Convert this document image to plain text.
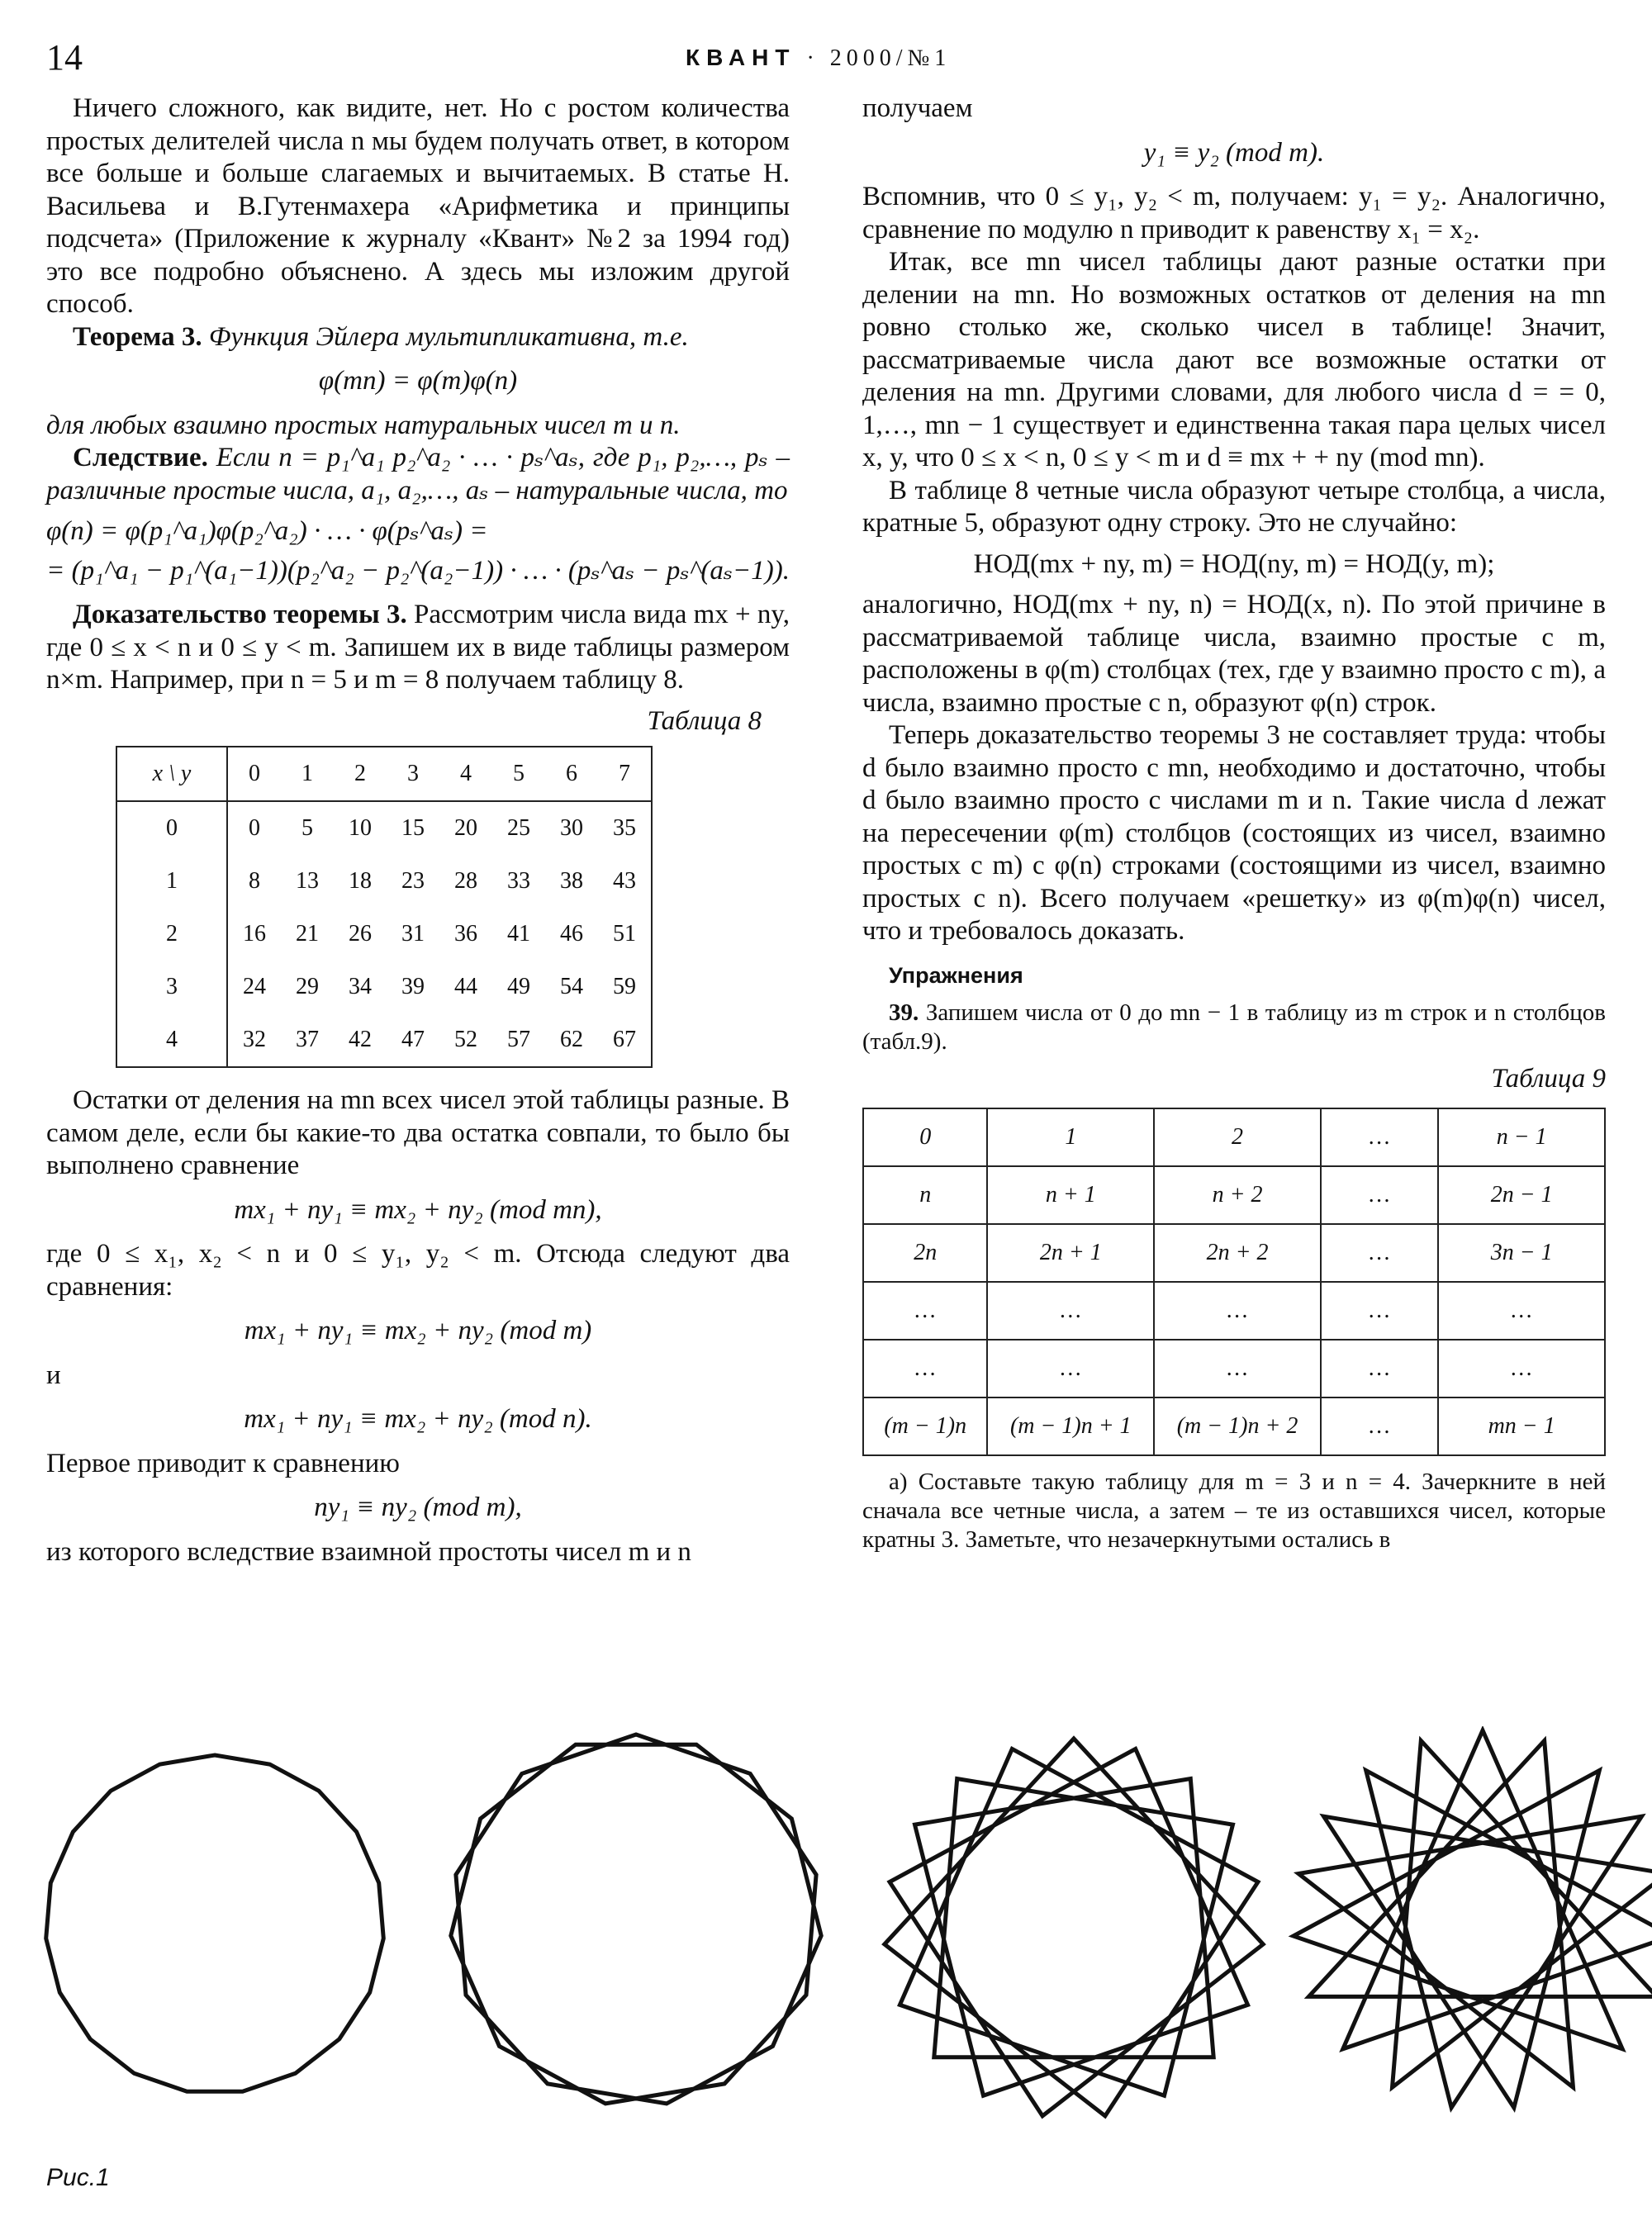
14	КВАНТ · 2000/№1

Ничего сложного, как видите, нет. Но с ростом количества простых делителей числа n мы будем получать ответ, в котором все больше и больше слагаемых и вычитаемых. В статье Н. Васильева и В.Гутенмахера «Арифметика и принципы подсчета» (Приложение к журналу «Квант» №2 за 1994 год) это все подробно объяснено. А здесь мы изложим другой способ.

Теорема 3. Функция Эйлера мультипликативна, т.е.

φ(mn) = φ(m)φ(n)

для любых взаимно простых натуральных чисел m и n.

Следствие. Если n = p₁^a₁ p₂^a₂ · … · pₛ^aₛ, где p₁, p₂,…, pₛ – различные простые числа, a₁, a₂,…, aₛ – натуральные числа, то

φ(n) = φ(p₁^a₁)φ(p₂^a₂) · … · φ(pₛ^aₛ) =

= (p₁^a₁ − p₁^(a₁−1))(p₂^a₂ − p₂^(a₂−1)) · … · (pₛ^aₛ − pₛ^(aₛ−1)).

Доказательство теоремы 3. Рассмотрим числа вида mx + ny, где 0 ≤ x < n и 0 ≤ y < m. Запишем их в виде таблицы размером n×m. Например, при n = 5 и m = 8 получаем таблицу 8.

Таблица 8

x \ y	0	1	2	3	4	5	6	7
0	0	5	10	15	20	25	30	35
1	8	13	18	23	28	33	38	43
2	16	21	26	31	36	41	46	51
3	24	29	34	39	44	49	54	59
4	32	37	42	47	52	57	62	67

Остатки от деления на mn всех чисел этой таблицы разные. В самом деле, если бы какие-то два остатка совпали, то было бы выполнено сравнение

mx₁ + ny₁ ≡ mx₂ + ny₂ (mod mn),

где 0 ≤ x₁, x₂ < n и 0 ≤ y₁, y₂ < m. Отсюда следуют два сравнения:

mx₁ + ny₁ ≡ mx₂ + ny₂ (mod m)

и

mx₁ + ny₁ ≡ mx₂ + ny₂ (mod n).

Первое приводит к сравнению

ny₁ ≡ ny₂ (mod m),

из которого вследствие взаимной простоты чисел m и n

получаем

y₁ ≡ y₂ (mod m).

Вспомнив, что 0 ≤ y₁, y₂ < m, получаем: y₁ = y₂. Аналогично, сравнение по модулю n приводит к равенству x₁ = x₂.

Итак, все mn чисел таблицы дают разные остатки при делении на mn. Но возможных остатков от деления на mn ровно столько же, сколько чисел в таблице! Значит, рассматриваемые числа дают все возможные остатки от деления на mn. Другими словами, для любого числа d = = 0, 1,…, mn − 1 существует и единственна такая пара целых чисел x, y, что 0 ≤ x < n, 0 ≤ y < m и d ≡ mx + + ny (mod mn).

В таблице 8 четные числа образуют четыре столбца, а числа, кратные 5, образуют одну строку. Это не случайно:

НОД(mx + ny, m) = НОД(ny, m) = НОД(y, m);

аналогично, НОД(mx + ny, n) = НОД(x, n). По этой причине в рассматриваемой таблице числа, взаимно простые с m, расположены в φ(m) столбцах (тех, где y взаимно просто с m), а числа, взаимно простые с n, образуют φ(n) строк.

Теперь доказательство теоремы 3 не составляет труда: чтобы d было взаимно просто с mn, необходимо и достаточно, чтобы d было взаимно просто с числами m и n. Такие числа d лежат на пересечении φ(m) столбцов (состоящих из чисел, взаимно простых с m) с φ(n) строками (состоящими из чисел, взаимно простых с n). Всего получаем «решетку» из φ(m)φ(n) чисел, что и требовалось доказать.

Упражнения

39. Запишем числа от 0 до mn − 1 в таблицу из m строк и n столбцов (табл.9).

Таблица 9

0	1	2	…	n − 1
n	n + 1	n + 2	…	2n − 1
2n	2n + 1	2n + 2	…	3n − 1
…	…	…	…	…
…	…	…	…	…
(m − 1)n	(m − 1)n + 1	(m − 1)n + 2	…	mn − 1

а) Составьте такую таблицу для m = 3 и n = 4. Зачеркните в ней сначала все четные числа, а затем – те из оставшихся чисел, которые кратны 3. Заметьте, что незачеркнутыми остались в

Рис.1
